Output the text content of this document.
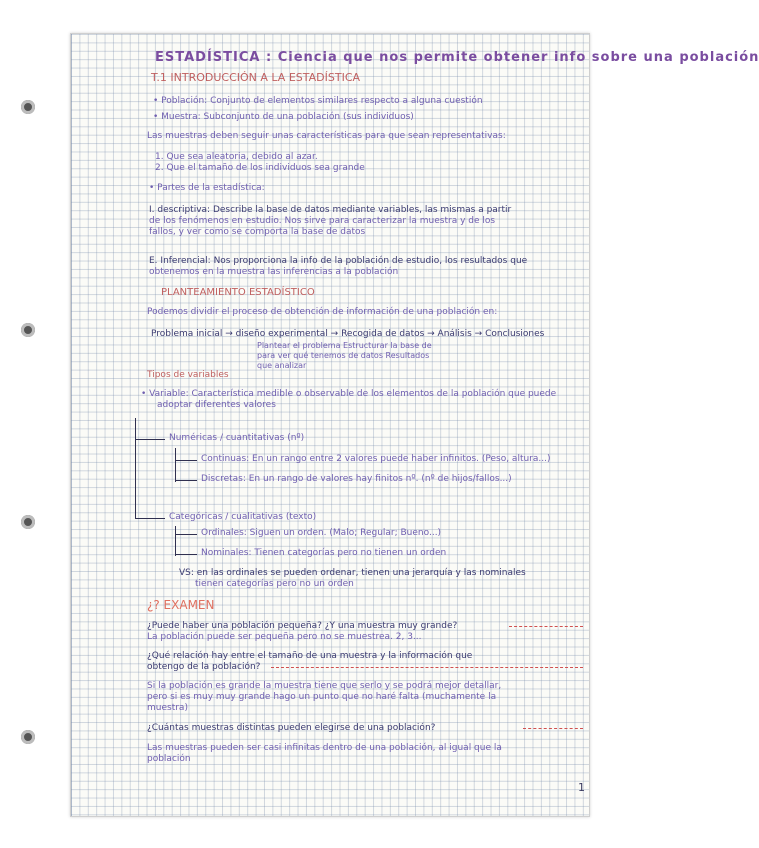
ESTADÍSTICA : Ciencia que nos permite obtener info sobre una población
T.1 INTRODUCCIÓN A LA ESTADÍSTICA
• Población: Conjunto de elementos similares respecto a alguna cuestión
• Muestra: Subconjunto de una población (sus individuos)
Las muestras deben seguir unas características para que sean representativas:
1. Que sea aleatoria, debido al azar.
2. Que el tamaño de los individuos sea grande
• Partes de la estadística:
I. descriptiva: Describe la base de datos mediante variables, las mismas a partir
de los fenómenos en estudio. Nos sirve para caracterizar la muestra y de los
fallos, y ver como se comporta la base de datos
E. Inferencial: Nos proporciona la info de la población de estudio, los resultados que
obtenemos en la muestra las inferencias a la población
PLANTEAMIENTO ESTADÍSTICO
Podemos dividir el proceso de obtención de información de una población en:
Problema inicial → diseño experimental → Recogida de datos → Análisis → Conclusiones
Plantear el problema Estructurar la base de
para ver qué tenemos de datos Resultados
que analizar
Tipos de variables
• Variable: Característica medible o observable de los elementos de la población que puede
adoptar diferentes valores
Numéricas / cuantitativas (nº)
Continuas: En un rango entre 2 valores puede haber infinitos. (Peso, altura...)
Discretas: En un rango de valores hay finitos nº. (nº de hijos/fallos...)
Categóricas / cualitativas (texto)
Ordinales: Siguen un orden. (Malo; Regular; Bueno...)
Nominales: Tienen categorías pero no tienen un orden
VS: en las ordinales se pueden ordenar, tienen una jerarquía y las nominales
tienen categorías pero no un orden
¿? EXAMEN
¿Puede haber una población pequeña? ¿Y una muestra muy grande?
La población puede ser pequeña pero no se muestrea. 2, 3...
¿Qué relación hay entre el tamaño de una muestra y la información que
obtengo de la población?
Si la población es grande la muestra tiene que serlo y se podrá mejor detallar,
pero si es muy muy grande hago un punto que no haré falta (muchamente la
muestra)
¿Cuántas muestras distintas pueden elegirse de una población?
Las muestras pueden ser casi infinitas dentro de una población, al igual que la
población
1
